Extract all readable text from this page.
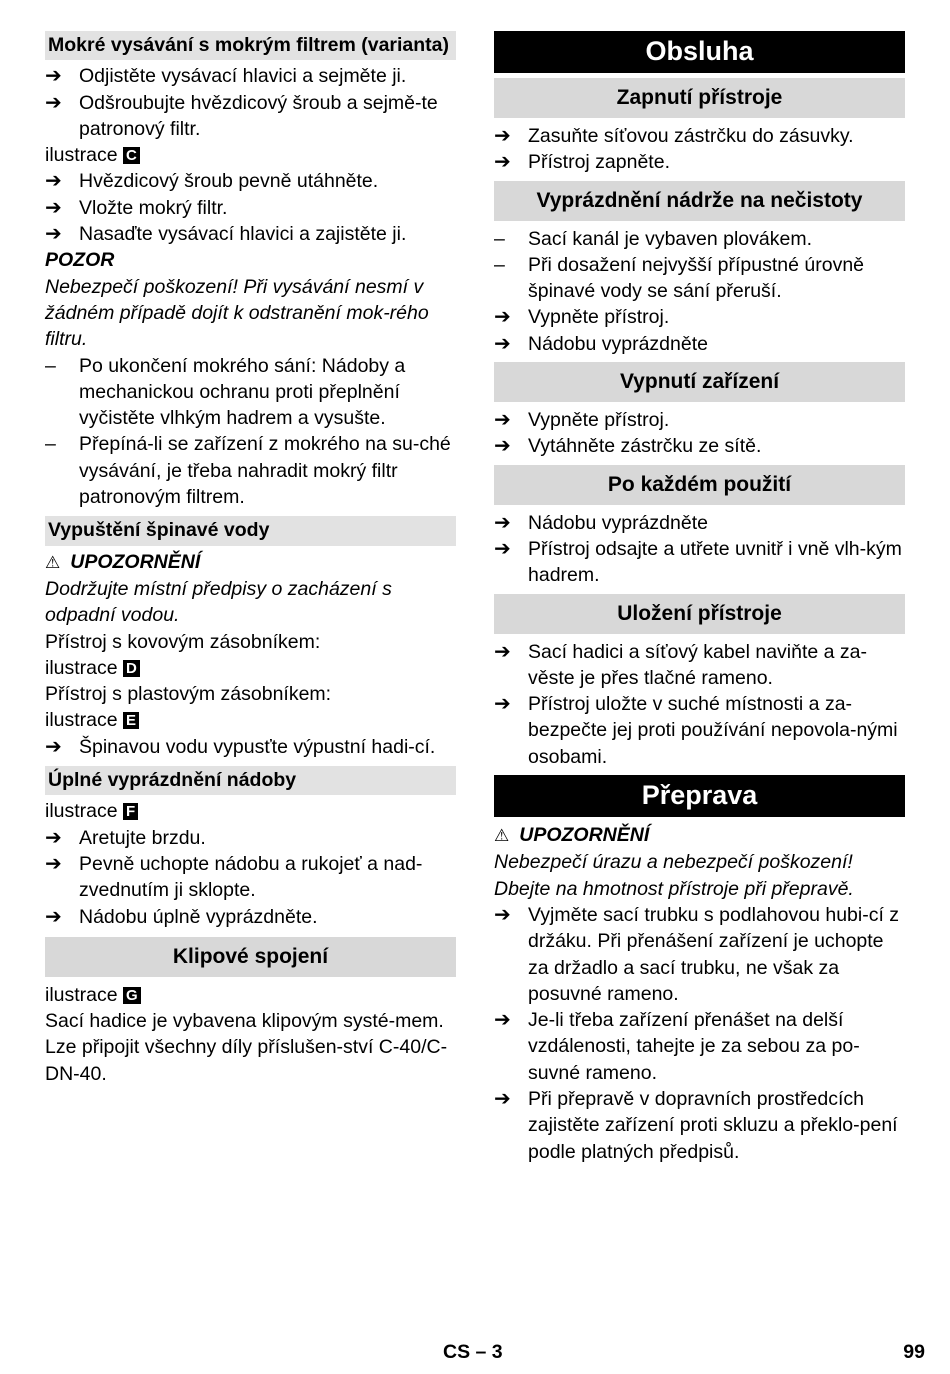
Mokré vysávání s mokrým filtrem (varianta)
➔ Odjistěte vysávací hlavici a sejměte ji.
➔ Odšroubujte hvězdicový šroub a sejmě-te patronový filtr.
ilustrace C
➔ Hvězdicový šroub pevně utáhněte.
➔ Vložte mokrý filtr.
➔ Nasaďte vysávací hlavici a zajistěte ji.
POZOR
Nebezpečí poškození! Při vysávání nesmí v žádném případě dojít k odstranění mok-rého filtru.
–	Po ukončení mokrého sání: Nádoby a mechanickou ochranu proti přeplnění vyčistěte vlhkým hadrem a vysušte.
–	Přepíná-li se zařízení z mokrého na su-ché vysávání, je třeba nahradit mokrý filtr patronovým filtrem.
Vypuštění špinavé vody
⚠ UPOZORNĚNÍ
Dodržujte místní předpisy o zacházení s odpadní vodou.
Přístroj s kovovým zásobníkem:
ilustrace D
Přístroj s plastovým zásobníkem:
ilustrace E
➔ Špinavou vodu vypusťte výpustní hadi-cí.
Úplné vyprázdnění nádoby
ilustrace F
➔ Aretujte brzdu.
➔ Pevně uchopte nádobu a rukojeť a nad-zvednutím ji sklopte.
➔ Nádobu úplně vyprázdněte.
Klipové spojení
ilustrace G
Sací hadice je vybavena klipovým systé-mem. Lze připojit všechny díly příslušen-ství C-40/C-DN-40.
Obsluha
Zapnutí přístroje
➔ Zasuňte síťovou zástrčku do zásuvky.
➔ Přístroj zapněte.
Vyprázdnění nádrže na nečistoty
–	Sací kanál je vybaven plovákem.
–	Při dosažení nejvyšší přípustné úrovně špinavé vody se sání přeruší.
➔ Vypněte přístroj.
➔ Nádobu vyprázdněte
Vypnutí zařízení
➔ Vypněte přístroj.
➔ Vytáhněte zástrčku ze sítě.
Po každém použití
➔ Nádobu vyprázdněte
➔ Přístroj odsajte a utřete uvnitř i vně vlh-kým hadrem.
Uložení přístroje
➔ Sací hadici a síťový kabel naviňte a za-věste je přes tlačné rameno.
➔ Přístroj uložte v suché místnosti a za-bezpečte jej proti používání nepovola-nými osobami.
Přeprava
⚠ UPOZORNĚNÍ
Nebezpečí úrazu a nebezpečí poškození! Dbejte na hmotnost přístroje při přepravě.
➔ Vyjměte sací trubku s podlahovou hubi-cí z držáku. Při přenášení zařízení je uchopte za držadlo a sací trubku, ne však za posuvné rameno.
➔ Je-li třeba zařízení přenášet na delší vzdálenosti, tahejte je za sebou za po-suvné rameno.
➔ Při přepravě v dopravních prostředcích zajistěte zařízení proti skluzu a překlo-pení podle platných předpisů.
CS – 3	99
